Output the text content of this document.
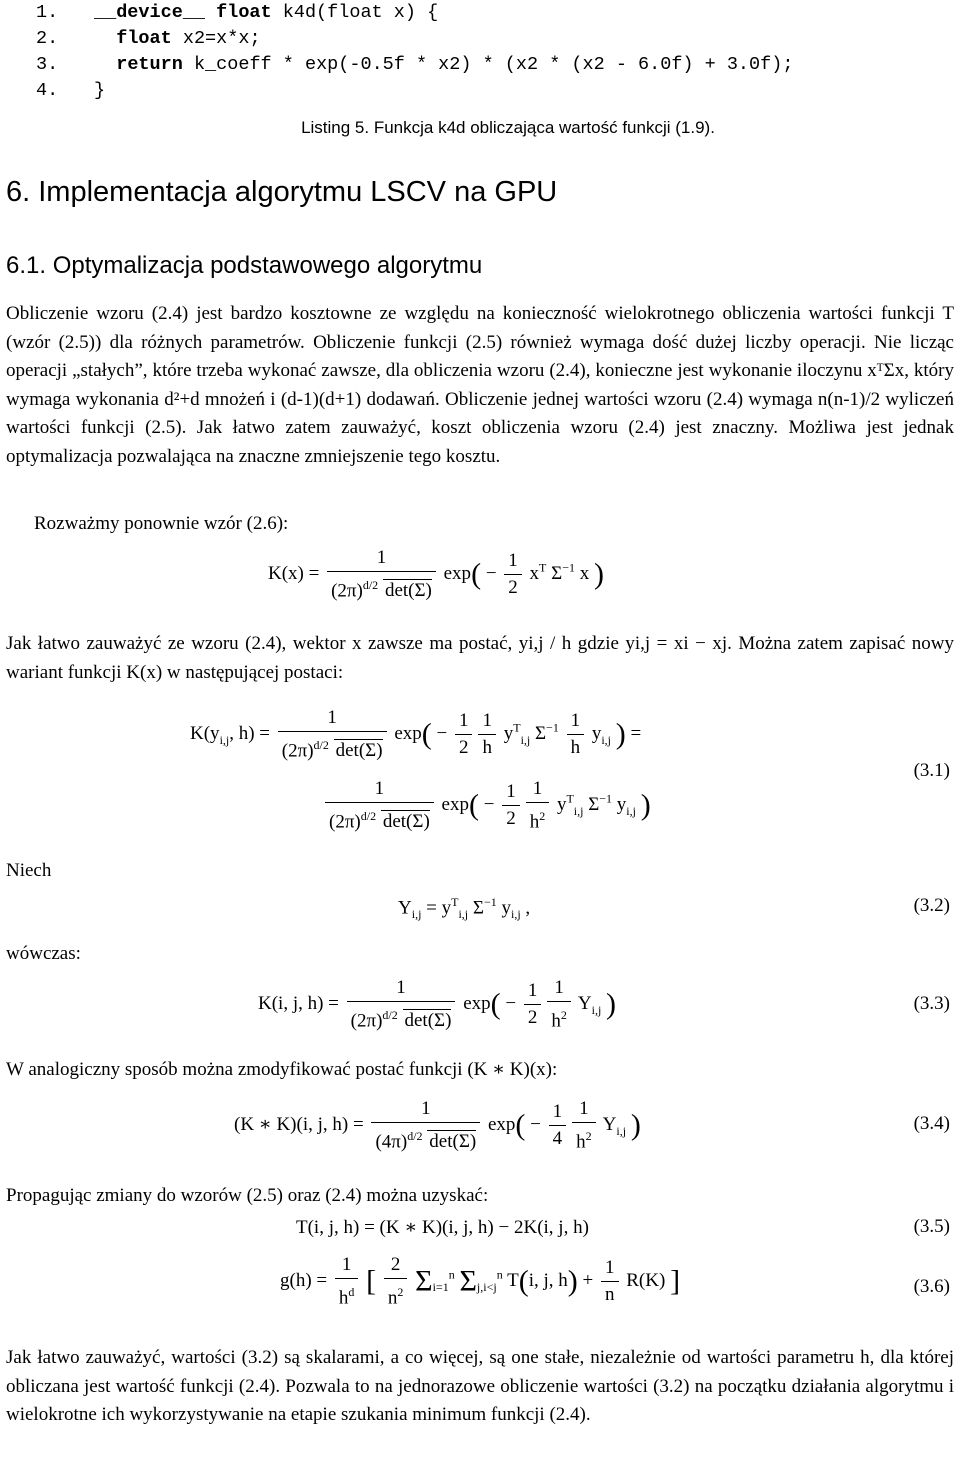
1. __device__ float k4d(float x) {
2.	float x2=x*x;
3.	return k_coeff * exp(-0.5f * x2) * (x2 * (x2 - 6.0f) + 3.0f);
4. }
Listing 5. Funkcja k4d obliczająca wartość funkcji (1.9).
6. Implementacja algorytmu LSCV na GPU
6.1. Optymalizacja podstawowego algorytmu

Obliczenie wzoru (2.4) jest bardzo kosztowne ze względu na konieczność wielokrotnego obliczenia wartości funkcji T (wzór (2.5)) dla różnych parametrów. Obliczenie funkcji (2.5) również wymaga dość dużej liczby operacji. Nie licząc operacji „stałych”, które trzeba wykonać zawsze, dla obliczenia wzoru (2.4), konieczne jest wykonanie iloczynu xᵀΣx, który wymaga wykonania d²+d mnożeń i (d-1)(d+1) dodawań. Obliczenie jednej wartości wzoru (2.4) wymaga n(n-1)/2 wyliczeń wartości funkcji (2.5). Jak łatwo zatem zauważyć, koszt obliczenia wzoru (2.4) jest znaczny. Możliwa jest jednak optymalizacja pozwalająca na znaczne zmniejszenie tego kosztu.

Rozważmy ponownie wzór (2.6):

$K(x) = \frac{1}{(2\pi)^{d/2} \det(\Sigma)} \exp( - \frac{1}{2} x^T$ $\Sigma^{-1}$ x )

Jak łatwo zauważyć ze wzoru (2.4), wektor x zawsze ma postać, yi,j / h gdzie yi,j = xi − xj. Można zatem zapisać nowy wariant funkcji K(x) w następującej postaci:

$K(y_{i,j}$, $h) = \frac{1}{(2\pi)^{d/2} \det(\Sigma)} \exp( - \frac{1}{2} \frac{1}{h} y^T_{i,j}$ $\Sigma^{-1} \frac{1}{h} y_{i,j}$ ) =
$\frac{1}{(2\pi)^{d/2} \det(\Sigma)} \exp( - \frac{1}{2} \frac{1}{h^2} y^T_{i,j}$ $\Sigma^{-1}$ $y_{i,j}$ )
(3.1)
Niech
$Y_{i,j} = y^T_{i,j}$ $\Sigma^{-1}$ $y_{i,j}$ ,	(3.2)
wówczas:
K(i, j, $h) = \frac{1}{(2\pi)^{d/2} \det(\Sigma)} \exp( - \frac{1}{2} \frac{1}{h^2} Y_{i,j}$ )	(3.3)

W analogiczny sposób można zmodyfikować postać funkcji (K ∗ K)(x):

(K ∗ K)(i, j, $h) = \frac{1}{(4\pi)^{d/2} \det(\Sigma)} \exp( - \frac{1}{4} \frac{1}{h^2} Y_{i,j}$ )	(3.4)

Propagując zmiany do wzorów (2.5) oraz (2.4) można uzyskać:

T(i, j, h) = (K ∗ K)(i, j, h) − 2K(i, j, h)	(3.5)
$g(h) = \frac{1}{h^d}$ [ $\frac{2}{n^2} \Sigma_{i=1}^n$ $\Sigma_{j,i<j}^n$ T(i, j, $h) + \frac{1}{n} R(K)$ ]	(3.6)

Jak łatwo zauważyć, wartości (3.2) są skalarami, a co więcej, są one stałe, niezależnie od wartości parametru h, dla której obliczana jest wartość funkcji (2.4). Pozwala to na jednorazowe obliczenie wartości (3.2) na początku działania algorytmu i wielokrotne ich wykorzystywanie na etapie szukania minimum funkcji (2.4).
